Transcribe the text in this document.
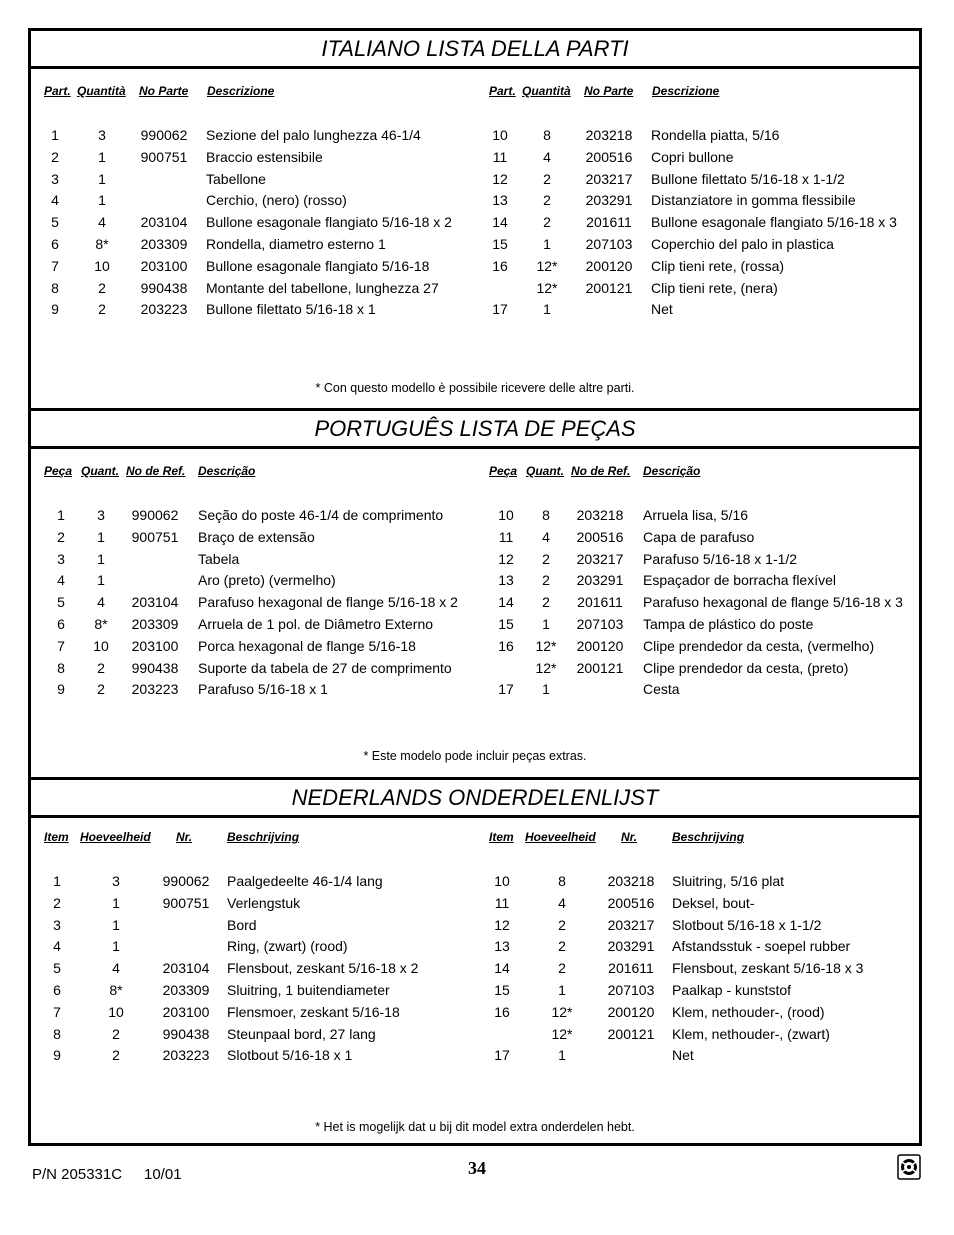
ITALIANO LISTA DELLA PARTI
Part. Quantità No Parte Descrizione
1	3	990062	Sezione del palo lunghezza 46-1/4
2	1	900751	Braccio estensibile
3	1	Tabellone
4	1	Cerchio, (nero) (rosso)
5	4	203104	Bullone esagonale flangiato 5/16-18 x 2
6	8*	203309	Rondella, diametro esterno 1
7	10	203100	Bullone esagonale flangiato 5/16-18
8	2	990438	Montante del tabellone, lunghezza 27
9	2	203223	Bullone filettato 5/16-18 x 1
Part. Quantità No Parte Descrizione
10	8	203218	Rondella piatta, 5/16
11	4	200516	Copri bullone
12	2	203217	Bullone filettato 5/16-18 x 1-1/2
13	2	203291	Distanziatore in gomma flessibile
14	2	201611	Bullone esagonale flangiato 5/16-18 x 3
15	1	207103	Coperchio del palo in plastica
16	12*	200120	Clip tieni rete, (rossa)
12*	200121	Clip tieni rete, (nera)
17	1	Net
* Con questo modello è possibile ricevere delle altre parti.
PORTUGUÊS LISTA DE PEÇAS
Peça Quant. No de Ref. Descrição
1	3	990062	Seção do poste 46-1/4 de comprimento
2	1	900751	Braço de extensão
3	1	Tabela
4	1	Aro (preto) (vermelho)
5	4	203104	Parafuso hexagonal de flange 5/16-18 x 2
6	8*	203309	Arruela de 1 pol. de Diâmetro Externo
7	10	203100	Porca hexagonal de flange 5/16-18
8	2	990438	Suporte da tabela de 27 de comprimento
9	2	203223	Parafuso 5/16-18 x 1
Peça Quant. No de Ref. Descrição
10	8	203218	Arruela lisa, 5/16
11	4	200516	Capa de parafuso
12	2	203217	Parafuso 5/16-18 x 1-1/2
13	2	203291	Espaçador de borracha flexível
14	2	201611	Parafuso hexagonal de flange 5/16-18 x 3
15	1	207103	Tampa de plástico do poste
16	12*	200120	Clipe prendedor da cesta, (vermelho)
12*	200121	Clipe prendedor da cesta, (preto)
17	1	Cesta
* Este modelo pode incluir peças extras.
NEDERLANDS ONDERDELENLIJST
Item Hoeveelheid Nr.	Beschrijving
1	3	990062	Paalgedeelte 46-1/4 lang
2	1	900751	Verlengstuk
3	1	Bord
4	1	Ring, (zwart) (rood)
5	4	203104	Flensbout, zeskant 5/16-18 x 2
6	8*	203309	Sluitring, 1 buitendiameter
7	10	203100	Flensmoer, zeskant 5/16-18
8	2	990438	Steunpaal bord, 27 lang
9	2	203223	Slotbout 5/16-18 x 1
Item Hoeveelheid Nr.	Beschrijving
10	8	203218	Sluitring, 5/16 plat
11	4	200516	Deksel, bout-
12	2	203217	Slotbout 5/16-18 x 1-1/2
13	2	203291	Afstandsstuk - soepel rubber
14	2	201611	Flensbout, zeskant 5/16-18 x 3
15	1	207103	Paalkap - kunststof
16	12*	200120	Klem, nethouder-, (rood)
12*	200121	Klem, nethouder-, (zwart)
17	1	Net
* Het is mogelijk dat u bij dit model extra onderdelen hebt.
P/N 205331C 10/01	34
